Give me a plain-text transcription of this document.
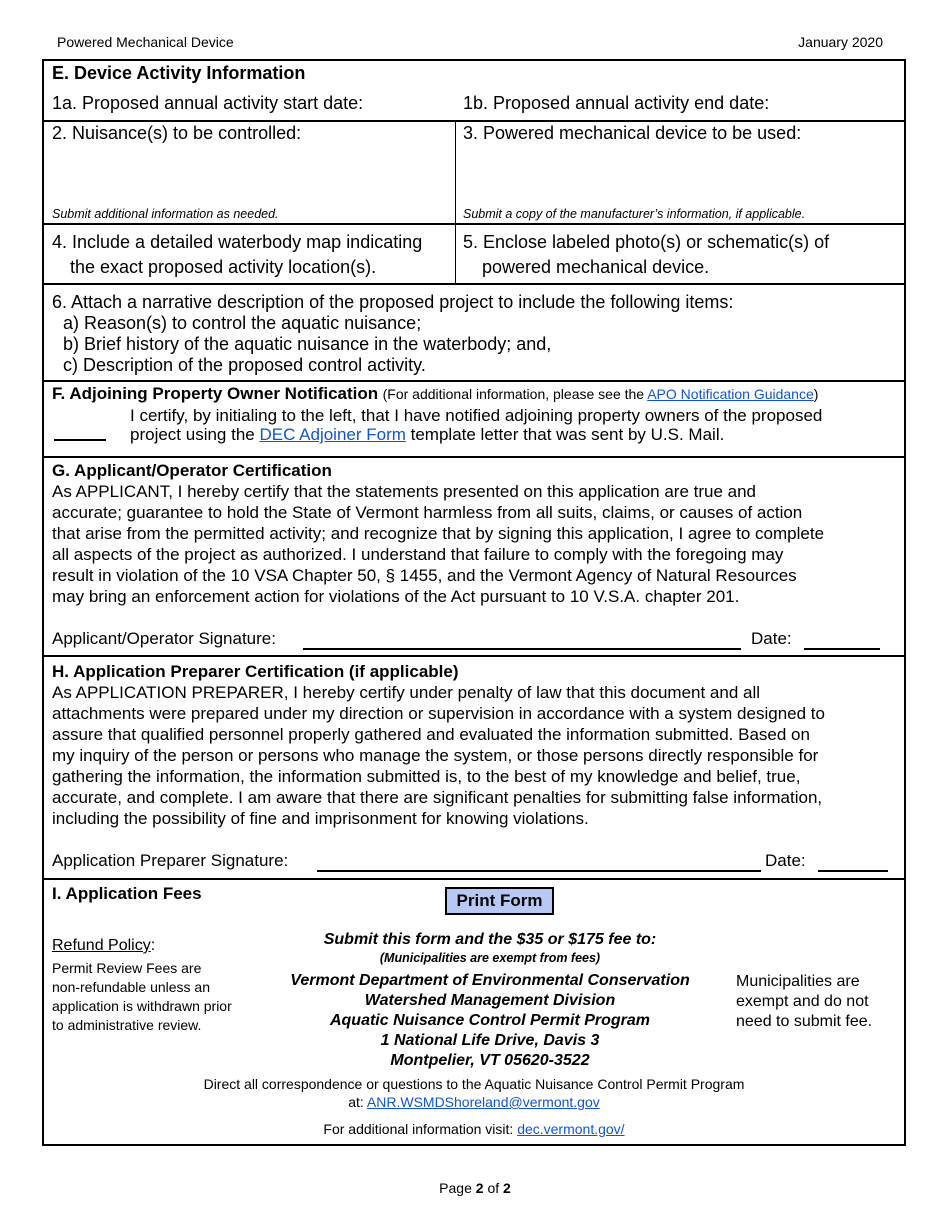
Powered Mechanical Device	January 2020
E. Device Activity Information
1a. Proposed annual activity start date:	1b. Proposed annual activity end date:
2. Nuisance(s) to be controlled:
Submit additional information as needed.
3. Powered mechanical device to be used:
Submit a copy of the manufacturer’s information, if applicable.
4. Include a detailed waterbody map indicating
the exact proposed activity location(s).
5. Enclose labeled photo(s) or schematic(s) of
powered mechanical device.
6. Attach a narrative description of the proposed project to include the following items:
a) Reason(s) to control the aquatic nuisance;
b) Brief history of the aquatic nuisance in the waterbody; and,
c) Description of the proposed control activity.
F. Adjoining Property Owner Notification (For additional information, please see the APO Notification Guidance)
I certify, by initialing to the left, that I have notified adjoining property owners of the proposed
project using the DEC Adjoiner Form template letter that was sent by U.S. Mail.
G. Applicant/Operator Certification
As APPLICANT, I hereby certify that the statements presented on this application are true and
accurate; guarantee to hold the State of Vermont harmless from all suits, claims, or causes of action
that arise from the permitted activity; and recognize that by signing this application, I agree to complete
all aspects of the project as authorized. I understand that failure to comply with the foregoing may
result in violation of the 10 VSA Chapter 50, § 1455, and the Vermont Agency of Natural Resources
may bring an enforcement action for violations of the Act pursuant to 10 V.S.A. chapter 201.
Applicant/Operator Signature:	Date:
H. Application Preparer Certification (if applicable)
As APPLICATION PREPARER, I hereby certify under penalty of law that this document and all
attachments were prepared under my direction or supervision in accordance with a system designed to
assure that qualified personnel properly gathered and evaluated the information submitted. Based on
my inquiry of the person or persons who manage the system, or those persons directly responsible for
gathering the information, the information submitted is, to the best of my knowledge and belief, true,
accurate, and complete. I am aware that there are significant penalties for submitting false information,
including the possibility of fine and imprisonment for knowing violations.
Application Preparer Signature:	Date:
I. Application Fees	Print Form
Refund Policy:
Permit Review Fees are
non-refundable unless an
application is withdrawn prior
to administrative review.
Submit this form and the $35 or $175 fee to:
(Municipalities are exempt from fees)
Vermont Department of Environmental Conservation
Watershed Management Division
Aquatic Nuisance Control Permit Program
1 National Life Drive, Davis 3
Montpelier, VT 05620-3522
Municipalities are
exempt and do not
need to submit fee.
Direct all correspondence or questions to the Aquatic Nuisance Control Permit Program
at: ANR.WSMDShoreland@vermont.gov
For additional information visit: dec.vermont.gov/
Page 2 of 2
